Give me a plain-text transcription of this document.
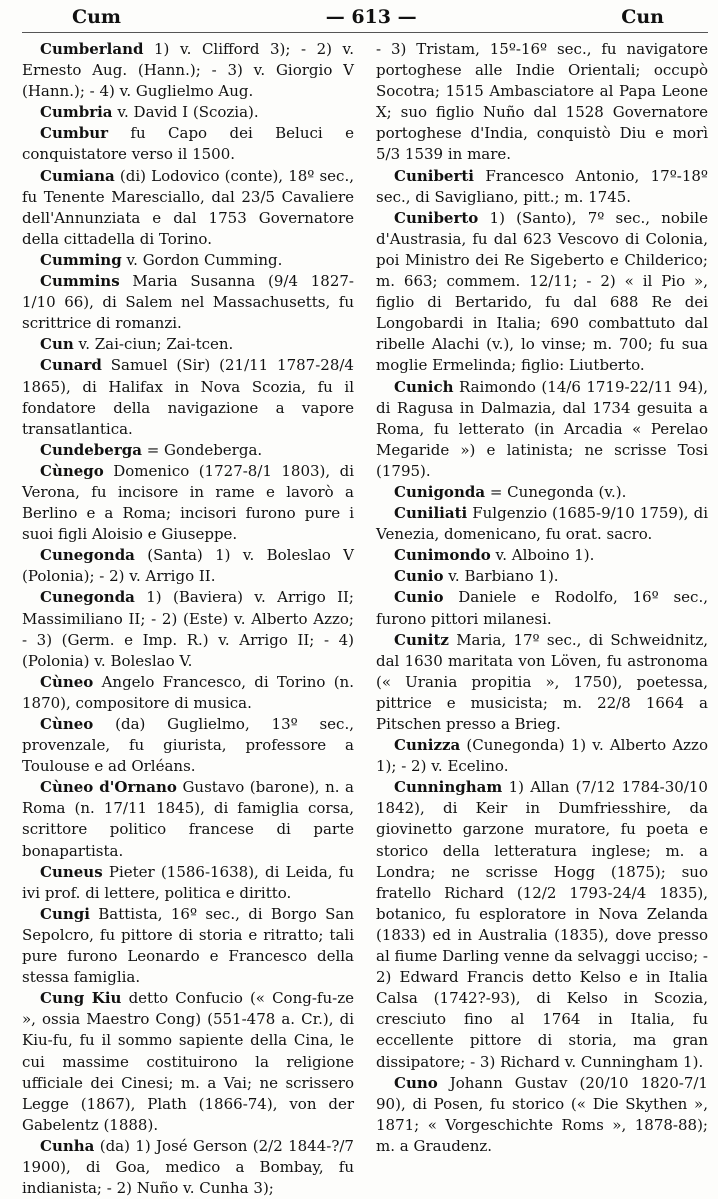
Cum	— 613 —	Cun

Cumberland 1) v. Clifford 3); - 2) v. Ernesto Aug. (Hann.); - 3) v. Giorgio V (Hann.); - 4) v. Guglielmo Aug.

Cumbria v. David I (Scozia).

Cumbur fu Capo dei Beluci e conquistatore verso il 1500.

Cumiana (di) Lodovico (conte), 18º sec., fu Tenente Maresciallo, dal 23/5 Cavaliere dell'Annunziata e dal 1753 Governatore della cittadella di Torino.

Cumming v. Gordon Cumming.

Cummins Maria Susanna (9/4 1827-1/10 66), di Salem nel Massachusetts, fu scrittrice di romanzi.

Cun v. Zai-ciun; Zai-tcen.

Cunard Samuel (Sir) (21/11 1787-28/4 1865), di Halifax in Nova Scozia, fu il fondatore della navigazione a vapore transatlantica.

Cundeberga = Gondeberga.

Cùnego Domenico (1727-8/1 1803), di Verona, fu incisore in rame e lavorò a Berlino e a Roma; incisori furono pure i suoi figli Aloisio e Giuseppe.

Cunegonda (Santa) 1) v. Boleslao V (Polonia); - 2) v. Arrigo II.

Cunegonda 1) (Baviera) v. Arrigo II; Massimiliano II; - 2) (Este) v. Alberto Azzo; - 3) (Germ. e Imp. R.) v. Arrigo II; - 4) (Polonia) v. Boleslao V.

Cùneo Angelo Francesco, di Torino (n. 1870), compositore di musica.

Cùneo (da) Guglielmo, 13º sec., provenzale, fu giurista, professore a Toulouse e ad Orléans.

Cùneo d'Ornano Gustavo (barone), n. a Roma (n. 17/11 1845), di famiglia corsa, scrittore politico francese di parte bonapartista.

Cuneus Pieter (1586-1638), di Leida, fu ivi prof. di lettere, politica e diritto.

Cungi Battista, 16º sec., di Borgo San Sepolcro, fu pittore di storia e ritratto; tali pure furono Leonardo e Francesco della stessa famiglia.

Cung Kiu detto Confucio (« Cong-fu-ze », ossia Maestro Cong) (551-478 a. Cr.), di Kiu-fu, fu il sommo sapiente della Cina, le cui massime costituirono la religione ufficiale dei Cinesi; m. a Vai; ne scrissero Legge (1867), Plath (1866-74), von der Gabelentz (1888).

Cunha (da) 1) José Gerson (2/2 1844-?/7 1900), di Goa, medico a Bombay, fu indianista; - 2) Nuño v. Cunha 3);

- 3) Tristam, 15º-16º sec., fu navigatore portoghese alle Indie Orientali; occupò Socotra; 1515 Ambasciatore al Papa Leone X; suo figlio Nuño dal 1528 Governatore portoghese d'India, conquistò Diu e morì 5/3 1539 in mare.

Cuniberti Francesco Antonio, 17º-18º sec., di Savigliano, pitt.; m. 1745.

Cuniberto 1) (Santo), 7º sec., nobile d'Austrasia, fu dal 623 Vescovo di Colonia, poi Ministro dei Re Sigeberto e Childerico; m. 663; commem. 12/11; - 2) « il Pio », figlio di Bertarido, fu dal 688 Re dei Longobardi in Italia; 690 combattuto dal ribelle Alachi (v.), lo vinse; m. 700; fu sua moglie Ermelinda; figlio: Liutberto.

Cunich Raimondo (14/6 1719-22/11 94), di Ragusa in Dalmazia, dal 1734 gesuita a Roma, fu letterato (in Arcadia « Perelao Megaride ») e latinista; ne scrisse Tosi (1795).

Cunigonda = Cunegonda (v.).

Cuniliati Fulgenzio (1685-9/10 1759), di Venezia, domenicano, fu orat. sacro.

Cunimondo v. Alboino 1).

Cunio v. Barbiano 1).

Cunio Daniele e Rodolfo, 16º sec., furono pittori milanesi.

Cunitz Maria, 17º sec., di Schweidnitz, dal 1630 maritata von Löven, fu astronoma (« Urania propitia », 1750), poetessa, pittrice e musicista; m. 22/8 1664 a Pitschen presso a Brieg.

Cunizza (Cunegonda) 1) v. Alberto Azzo 1); - 2) v. Ecelino.

Cunningham 1) Allan (7/12 1784-30/10 1842), di Keir in Dumfriesshire, da giovinetto garzone muratore, fu poeta e storico della letteratura inglese; m. a Londra; ne scrisse Hogg (1875); suo fratello Richard (12/2 1793-24/4 1835), botanico, fu esploratore in Nova Zelanda (1833) ed in Australia (1835), dove presso al fiume Darling venne da selvaggi ucciso; - 2) Edward Francis detto Kelso e in Italia Calsa (1742?-93), di Kelso in Scozia, cresciuto fino al 1764 in Italia, fu eccellente pittore di storia, ma gran dissipatore; - 3) Richard v. Cunningham 1).

Cuno Johann Gustav (20/10 1820-7/1 90), di Posen, fu storico (« Die Skythen », 1871; « Vorgeschichte Roms », 1878-88); m. a Graudenz.
